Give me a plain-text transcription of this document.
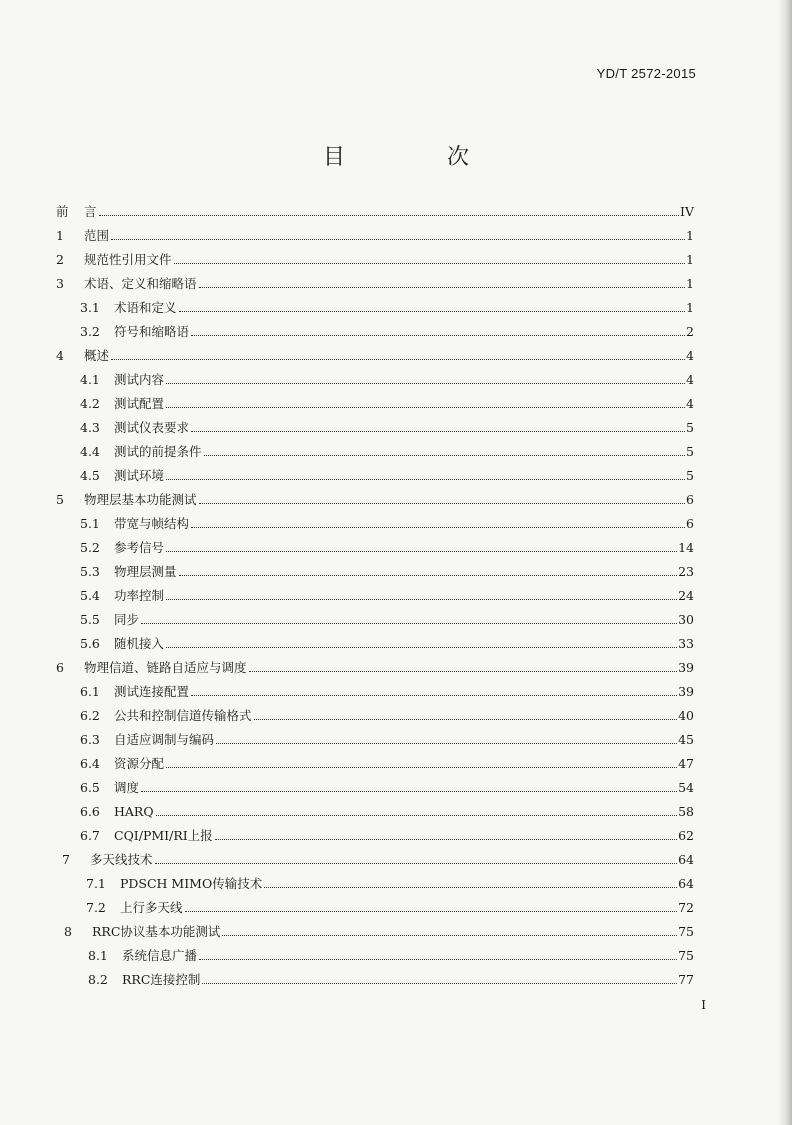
YD/T 2572-2015
目　次
前	言	IV
1	范围	1
2	规范性引用文件	1
3	术语、定义和缩略语	1
3.1	术语和定义	1
3.2	符号和缩略语	2
4	概述	4
4.1	测试内容	4
4.2	测试配置	4
4.3	测试仪表要求	5
4.4	测试的前提条件	5
4.5	测试环境	5
5	物理层基本功能测试	6
5.1	带宽与帧结构	6
5.2	参考信号	14
5.3	物理层测量	23
5.4	功率控制	24
5.5	同步	30
5.6	随机接入	33
6	物理信道、链路自适应与调度	39
6.1	测试连接配置	39
6.2	公共和控制信道传输格式	40
6.3	自适应调制与编码	45
6.4	资源分配	47
6.5	调度	54
6.6	HARQ	58
6.7	CQI/PMI/RI上报	62
7	多天线技术	64
7.1	PDSCH MIMO传输技术	64
7.2	上行多天线	72
8	RRC协议基本功能测试	75
8.1	系统信息广播	75
8.2	RRC连接控制	77
I
